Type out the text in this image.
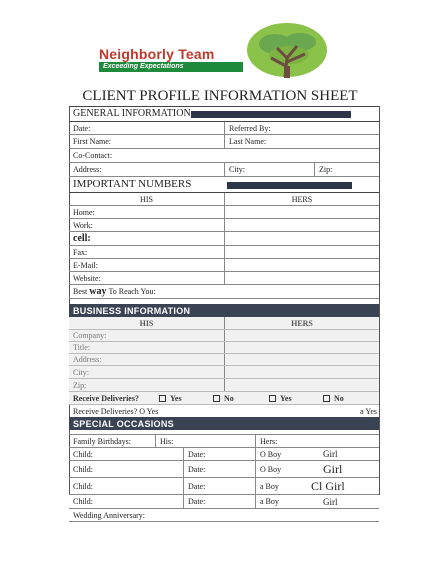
Neighborly Team
Exceeding Expectations
CLIENT PROFILE INFORMATION SHEET
GENERAL INFORMATION
Date:	Referred By:
First Name:	Last Name:
Co-Contact:
Address:	City:	Zip:
IMPORTANT NUMBERS
HIS	HERS
Home:
Work:
cell:
Fax:
E-Mail:
Website:
Best way To Reach You:
BUSINESS INFORMATION
HIS	HERS
Company:
Title:
Address:
City:
Zip:
Receive Deliveries?	Yes	No	Yes	No
Receive Deliveries? O Yes	a Yes
SPECIAL OCCASIONS
Family Birthdays:	His:	Hers:
Child:	Date:	O Boy	Girl
Child:	Date:	O Boy	Girl
Child:	Date:	a Boy	Cl Girl
Child:	Date:	a Boy	Girl
Wedding Anniversary:
